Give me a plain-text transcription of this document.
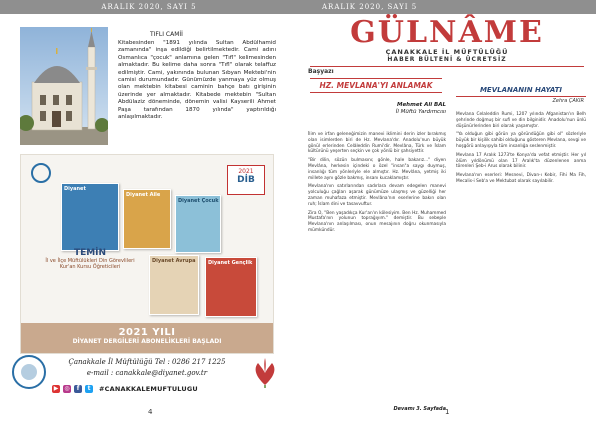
ARALIK 2020, SAYI 5
TIFLI CAMİİ
Kitabesinden "1891 yılında Sultan Abdülhamid zamanında" inşa edildiği belirtilmektedir. Cami adını Osmanlıca "çocuk" anlamına gelen "Tıfl" kelimesinden almaktadır. Bu kelime daha sonra "Tıfl" olarak telaffuz edilmiştir. Cami, yakınında bulunan Sıbyan Mektebi'nin camisi durumundadır. Günümüzde yanmaya yüz olmuş olan mektebin kitabesi caminin bahçe batı girişinin üzerinde yer almaktadır. Kitabede mektebin "Sultan Abdülaziz döneminde, dönemin valisi Kayserili Ahmet Paşa tarafından 1870 yılında" yaptırıldığı anlaşılmaktadır.
2021
DİB
Diyanet
Diyanet Aile
Diyanet Çocuk
Diyanet Avrupa Diyanet Gençlik
TEMİN
İl ve İlçe Müftülükleri Din Görevlileri Kur'an Kursu Öğreticileri
2021 YILI
DİYANET DERGİLERİ ABONELİKLERİ BAŞLADI
Çanakkale İl Müftülüğü Tel : 0286 217 1225
e-mail : canakkale@diyanet.gov.tr
▶ ◎	f	t	#CANAKKALEMUFTULUGU
4
ARALIK 2020, SAYI 5
GÜLNÂME
ÇANAKKALE İL MÜFTÜLÜĞÜ
HABER BÜLTENİ & ÜCRETSİZ
Başyazı
HZ. MEVLANA'YI ANLAMAK
Mehmet Ali BAL
İl Müftü Yardımcısı

İlim ve irfan geleneğimizin manevi iklimini derin izler bırakmış olan isimlerden biri de Hz. Mevlana'dır. Anadolu'nun büyük gönül erlerinden Celâleddin Rumi'dir. Mevlâna, Türk ve İslam kültürünü yeşerten seçkin ve çok yönlü bir şahsiyettir.

"Bir dilin, sözün bulmasını; gönle, hale bakarız..." diyen Mevlâna, herkesin içindeki o özel "insan"a saygı duymuş, insanlığı tüm yönleriyle ele almıştır. Hz. Mevlâna, yetmiş iki millete aynı gözle bakmış, insanı kucaklamıştır.

Mevlana'nın satırlarından sadırlara devam edegelen manevi yolculuğu çağları aşarak günümüze ulaşmış ve güzelliği her zaman muhafaza etmiştir. Mevlâna'nın eserlerine bakın olan ruh; İslam dini ve tasavvuftur.

Zira O, "Ben yaşadıkça Kur'an'ın kölesiyim. Ben Hz. Muhammed Mustafa'nın yolunun toprağıyım." demiştir. Bu sebeple Mevlana'nın anlaşılması, onun mesajının doğru okunmasıyla mümkündür.

Devamı 3. Sayfada
MEVLANANIN HAYATI
Zehra ÇAKIR

Mevlana Celaleddin Rumi, 1207 yılında Afganistan'ın Belh şehrinde doğmuş bir sufi ve din bilginidir. Anadolu'nun ünlü düşünürlerinden biri olarak yaşamıştır.

"Ya olduğun gibi görün ya göründüğün gibi ol" sözleriyle büyük bir kişilik sahibi olduğunu gösteren Mevlana, sevgi ve hoşgörü anlayışıyla tüm insanlığa seslenmiştir.

Mevlana 17 Aralık 1273'te Konya'da vefat etmiştir. Her yıl ölüm yıldönümü olan 17 Aralık'ta düzenlenen anma törenleri Şeb-i Arus olarak bilinir.

Mevlana'nın eserleri: Mesnevi, Divan-ı Kebir, Fihi Ma Fih, Mecalis-i Seb'a ve Mektubat olarak sayılabilir.

1
